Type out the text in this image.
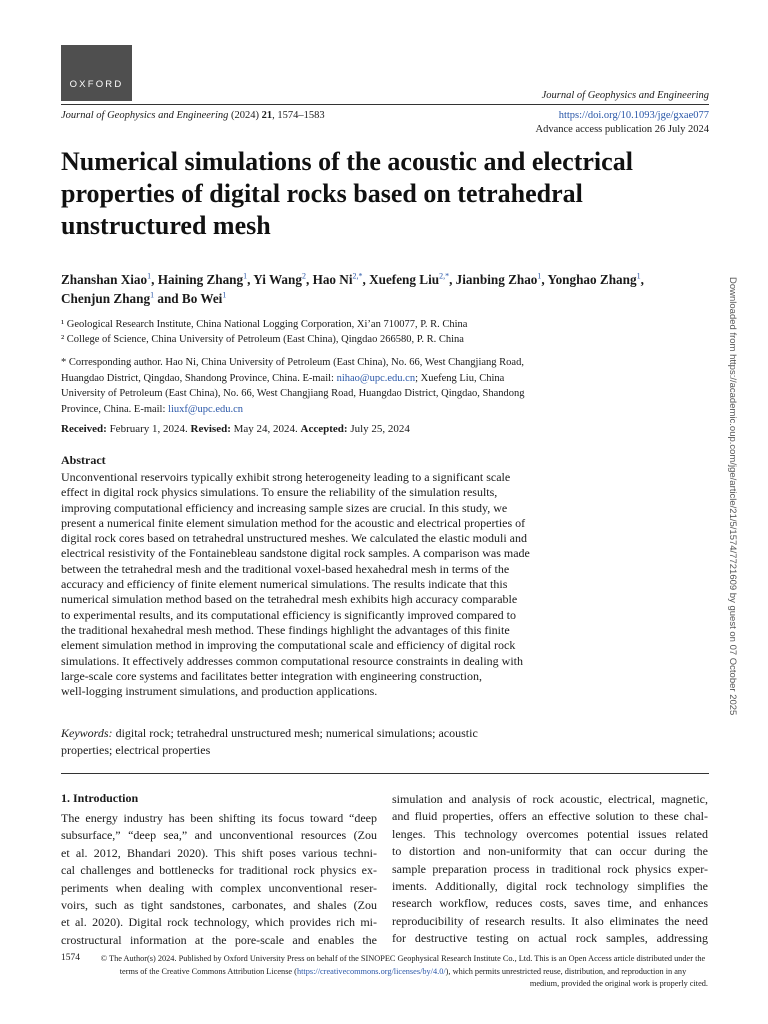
OXFORD
Journal of Geophysics and Engineering
Journal of Geophysics and Engineering (2024) 21, 1574–1583	https://doi.org/10.1093/jge/gxae077
Advance access publication 26 July 2024
Numerical simulations of the acoustic and electrical properties of digital rocks based on tetrahedral unstructured mesh
Zhanshan Xiao$^1$, Haining Zhang$^1$, Yi Wang$^2$, Hao $Ni^{2,*}$, Xuefeng Liu$^{2,*}$, Jianbing Zhao$^1$, Yonghao Zhang$^1$,
Chenjun Zhang$^1$ and Bo Wei$^1$
¹ Geological Research Institute, China National Logging Corporation, Xi’an 710077, P. R. China
² College of Science, China University of Petroleum (East China), Qingdao 266580, P. R. China
* Corresponding author. Hao Ni, China University of Petroleum (East China), No. 66, West Changjiang Road,
Huangdao District, Qingdao, Shandong Province, China. E-mail: nihao@upc.edu.cn; Xuefeng Liu, China
University of Petroleum (East China), No. 66, West Changjiang Road, Huangdao District, Qingdao, Shandong
Province, China. E-mail: liuxf@upc.edu.cn
Received: February 1, 2024. Revised: May 24, 2024. Accepted: July 25, 2024
Abstract
Unconventional reservoirs typically exhibit strong heterogeneity leading to a significant scale
effect in digital rock physics simulations. To ensure the reliability of the simulation results,
improving computational efficiency and increasing sample sizes are crucial. In this study, we
present a numerical finite element simulation method for the acoustic and electrical properties of
digital rock cores based on tetrahedral unstructured meshes. We calculated the elastic moduli and
electrical resistivity of the Fontainebleau sandstone digital rock samples. A comparison was made
between the tetrahedral mesh and the traditional voxel-based hexahedral mesh in terms of the
accuracy and efficiency of finite element numerical simulations. The results indicate that this
numerical simulation method based on the tetrahedral mesh exhibits high accuracy comparable
to experimental results, and its computational efficiency is significantly improved compared to
the traditional hexahedral mesh method. These findings highlight the advantages of this finite
element simulation method in improving the computational scale and efficiency of digital rock
simulations. It effectively addresses common computational resource constraints in dealing with
large-scale core systems and facilitates better integration with engineering construction,
well-logging instrument simulations, and production applications.
Keywords: digital rock; tetrahedral unstructured mesh; numerical simulations; acoustic
properties; electrical properties
1. Introduction
The energy industry has been shifting its focus toward “deep
subsurface,” “deep sea,” and unconventional resources (Zou
et al. 2012, Bhandari 2020). This shift poses various techni-
cal challenges and bottlenecks for traditional rock physics ex-
periments when dealing with complex unconventional reser-
voirs, such as tight sandstones, carbonates, and shales (Zou
et al. 2020). Digital rock technology, which provides rich mi-
crostructural information at the pore-scale and enables the
simulation and analysis of rock acoustic, electrical, magnetic,
and fluid properties, offers an effective solution to these chal-
lenges. This technology overcomes potential issues related
to distortion and non-uniformity that can occur during the
sample preparation process in traditional rock physics exper-
iments. Additionally, digital rock technology simplifies the
research workflow, reduces costs, saves time, and enhances
reproducibility of research results. It also eliminates the need
for destructive testing on actual rock samples, addressing
1574	© The Author(s) 2024. Published by Oxford University Press on behalf of the SINOPEC Geophysical Research Institute Co., Ltd. This is an Open Access article distributed under the
terms of the Creative Commons Attribution License (https://creativecommons.org/licenses/by/4.0/), which permits unrestricted reuse, distribution, and reproduction in any
medium, provided the original work is properly cited.
Downloaded from https://academic.oup.com/jge/article/21/5/1574/7721609 by guest on 07 October 2025
